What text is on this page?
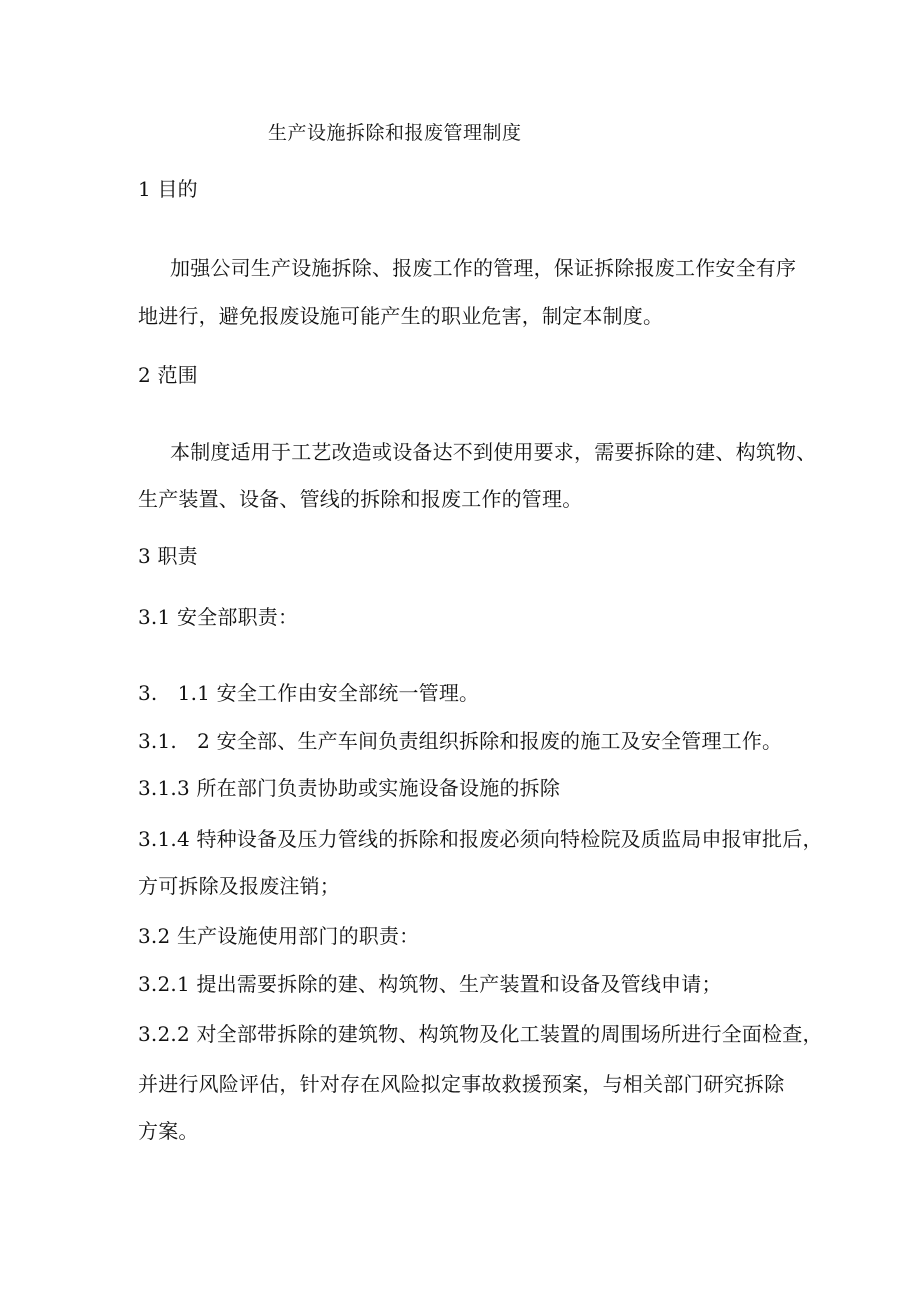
生产设施拆除和报废管理制度
1 目的
加强公司生产设施拆除、报废工作的管理，保证拆除报废工作安全有序
地进行，避免报废设施可能产生的职业危害，制定本制度。
2 范围
本制度适用于工艺改造或设备达不到使用要求，需要拆除的建、构筑物、
生产装置、设备、管线的拆除和报废工作的管理。
3 职责
3.1 安全部职责：
3.　1.1 安全工作由安全部统一管理。
3.1.　2 安全部、生产车间负责组织拆除和报废的施工及安全管理工作。
3.1.3 所在部门负责协助或实施设备设施的拆除
3.1.4 特种设备及压力管线的拆除和报废必须向特检院及质监局申报审批后，
方可拆除及报废注销；
3.2 生产设施使用部门的职责：
3.2.1 提出需要拆除的建、构筑物、生产装置和设备及管线申请；
3.2.2 对全部带拆除的建筑物、构筑物及化工装置的周围场所进行全面检查，
并进行风险评估，针对存在风险拟定事故救援预案，与相关部门研究拆除
方案。
